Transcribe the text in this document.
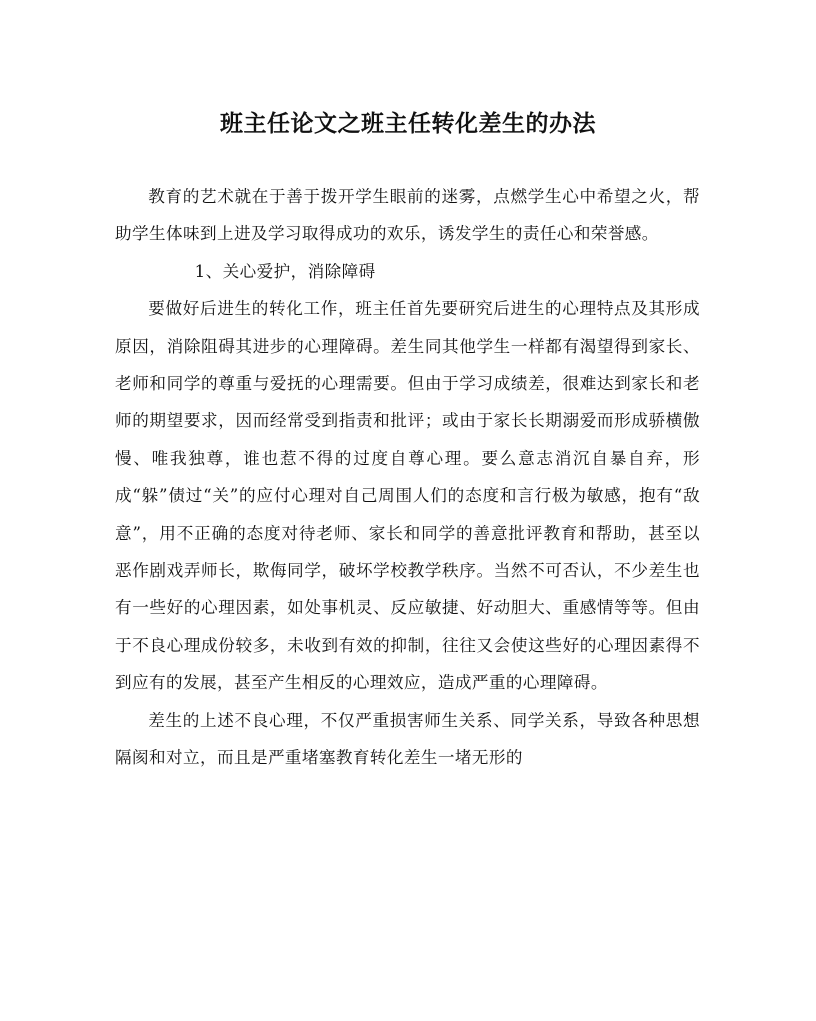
班主任论文之班主任转化差生的办法

教育的艺术就在于善于拨开学生眼前的迷雾，点燃学生心中希望之火，帮助学生体味到上进及学习取得成功的欢乐，诱发学生的责任心和荣誉感。

1、关心爱护，消除障碍

要做好后进生的转化工作，班主任首先要研究后进生的心理特点及其形成原因，消除阻碍其进步的心理障碍。差生同其他学生一样都有渴望得到家长、老师和同学的尊重与爱抚的心理需要。但由于学习成绩差，很难达到家长和老师的期望要求，因而经常受到指责和批评；或由于家长长期溺爱而形成骄横傲慢、唯我独尊，谁也惹不得的过度自尊心理。要么意志消沉自暴自弃，形成“躲”债过“关”的应付心理对自己周围人们的态度和言行极为敏感，抱有“敌意”，用不正确的态度对待老师、家长和同学的善意批评教育和帮助，甚至以恶作剧戏弄师长，欺侮同学，破坏学校教学秩序。当然不可否认，不少差生也有一些好的心理因素，如处事机灵、反应敏捷、好动胆大、重感情等等。但由于不良心理成份较多，未收到有效的抑制，往往又会使这些好的心理因素得不到应有的发展，甚至产生相反的心理效应，造成严重的心理障碍。

差生的上述不良心理，不仅严重损害师生关系、同学关系，导致各种思想隔阂和对立，而且是严重堵塞教育转化差生一堵无形的
